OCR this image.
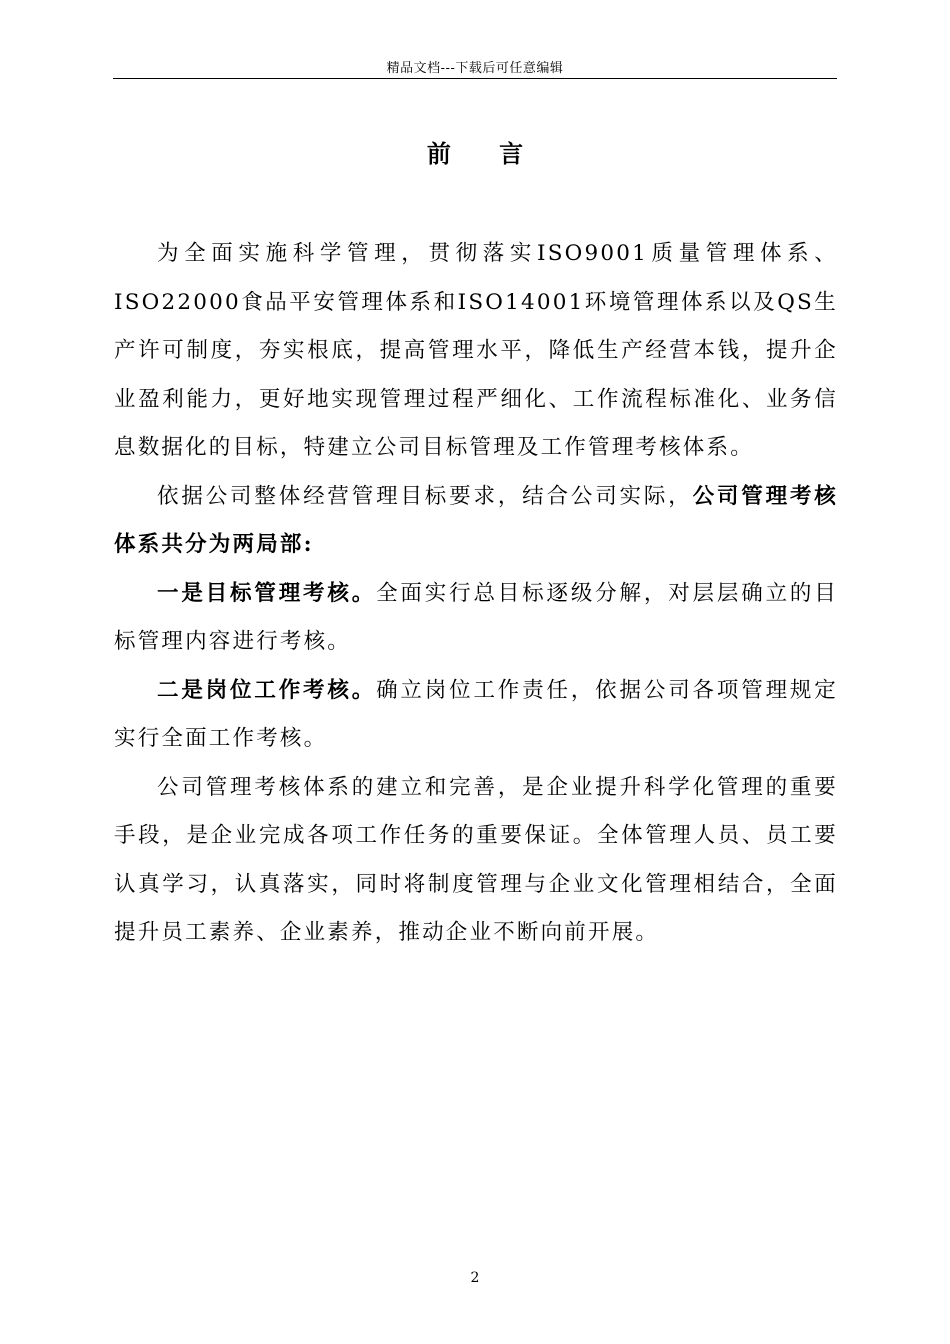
精品文档---下载后可任意编辑
前 言

为全面实施科学管理，贯彻落实ISO9001质量管理体系、ISO22000食品平安管理体系和ISO14001环境管理体系以及QS生产许可制度，夯实根底，提高管理水平，降低生产经营本钱，提升企业盈利能力，更好地实现管理过程严细化、工作流程标准化、业务信息数据化的目标，特建立公司目标管理及工作管理考核体系。

依据公司整体经营管理目标要求，结合公司实际，公司管理考核体系共分为两局部:

一是目标管理考核。全面实行总目标逐级分解，对层层确立的目标管理内容进行考核。

二是岗位工作考核。确立岗位工作责任，依据公司各项管理规定实行全面工作考核。

公司管理考核体系的建立和完善，是企业提升科学化管理的重要手段，是企业完成各项工作任务的重要保证。全体管理人员、员工要认真学习，认真落实，同时将制度管理与企业文化管理相结合，全面提升员工素养、企业素养，推动企业不断向前开展。

2
